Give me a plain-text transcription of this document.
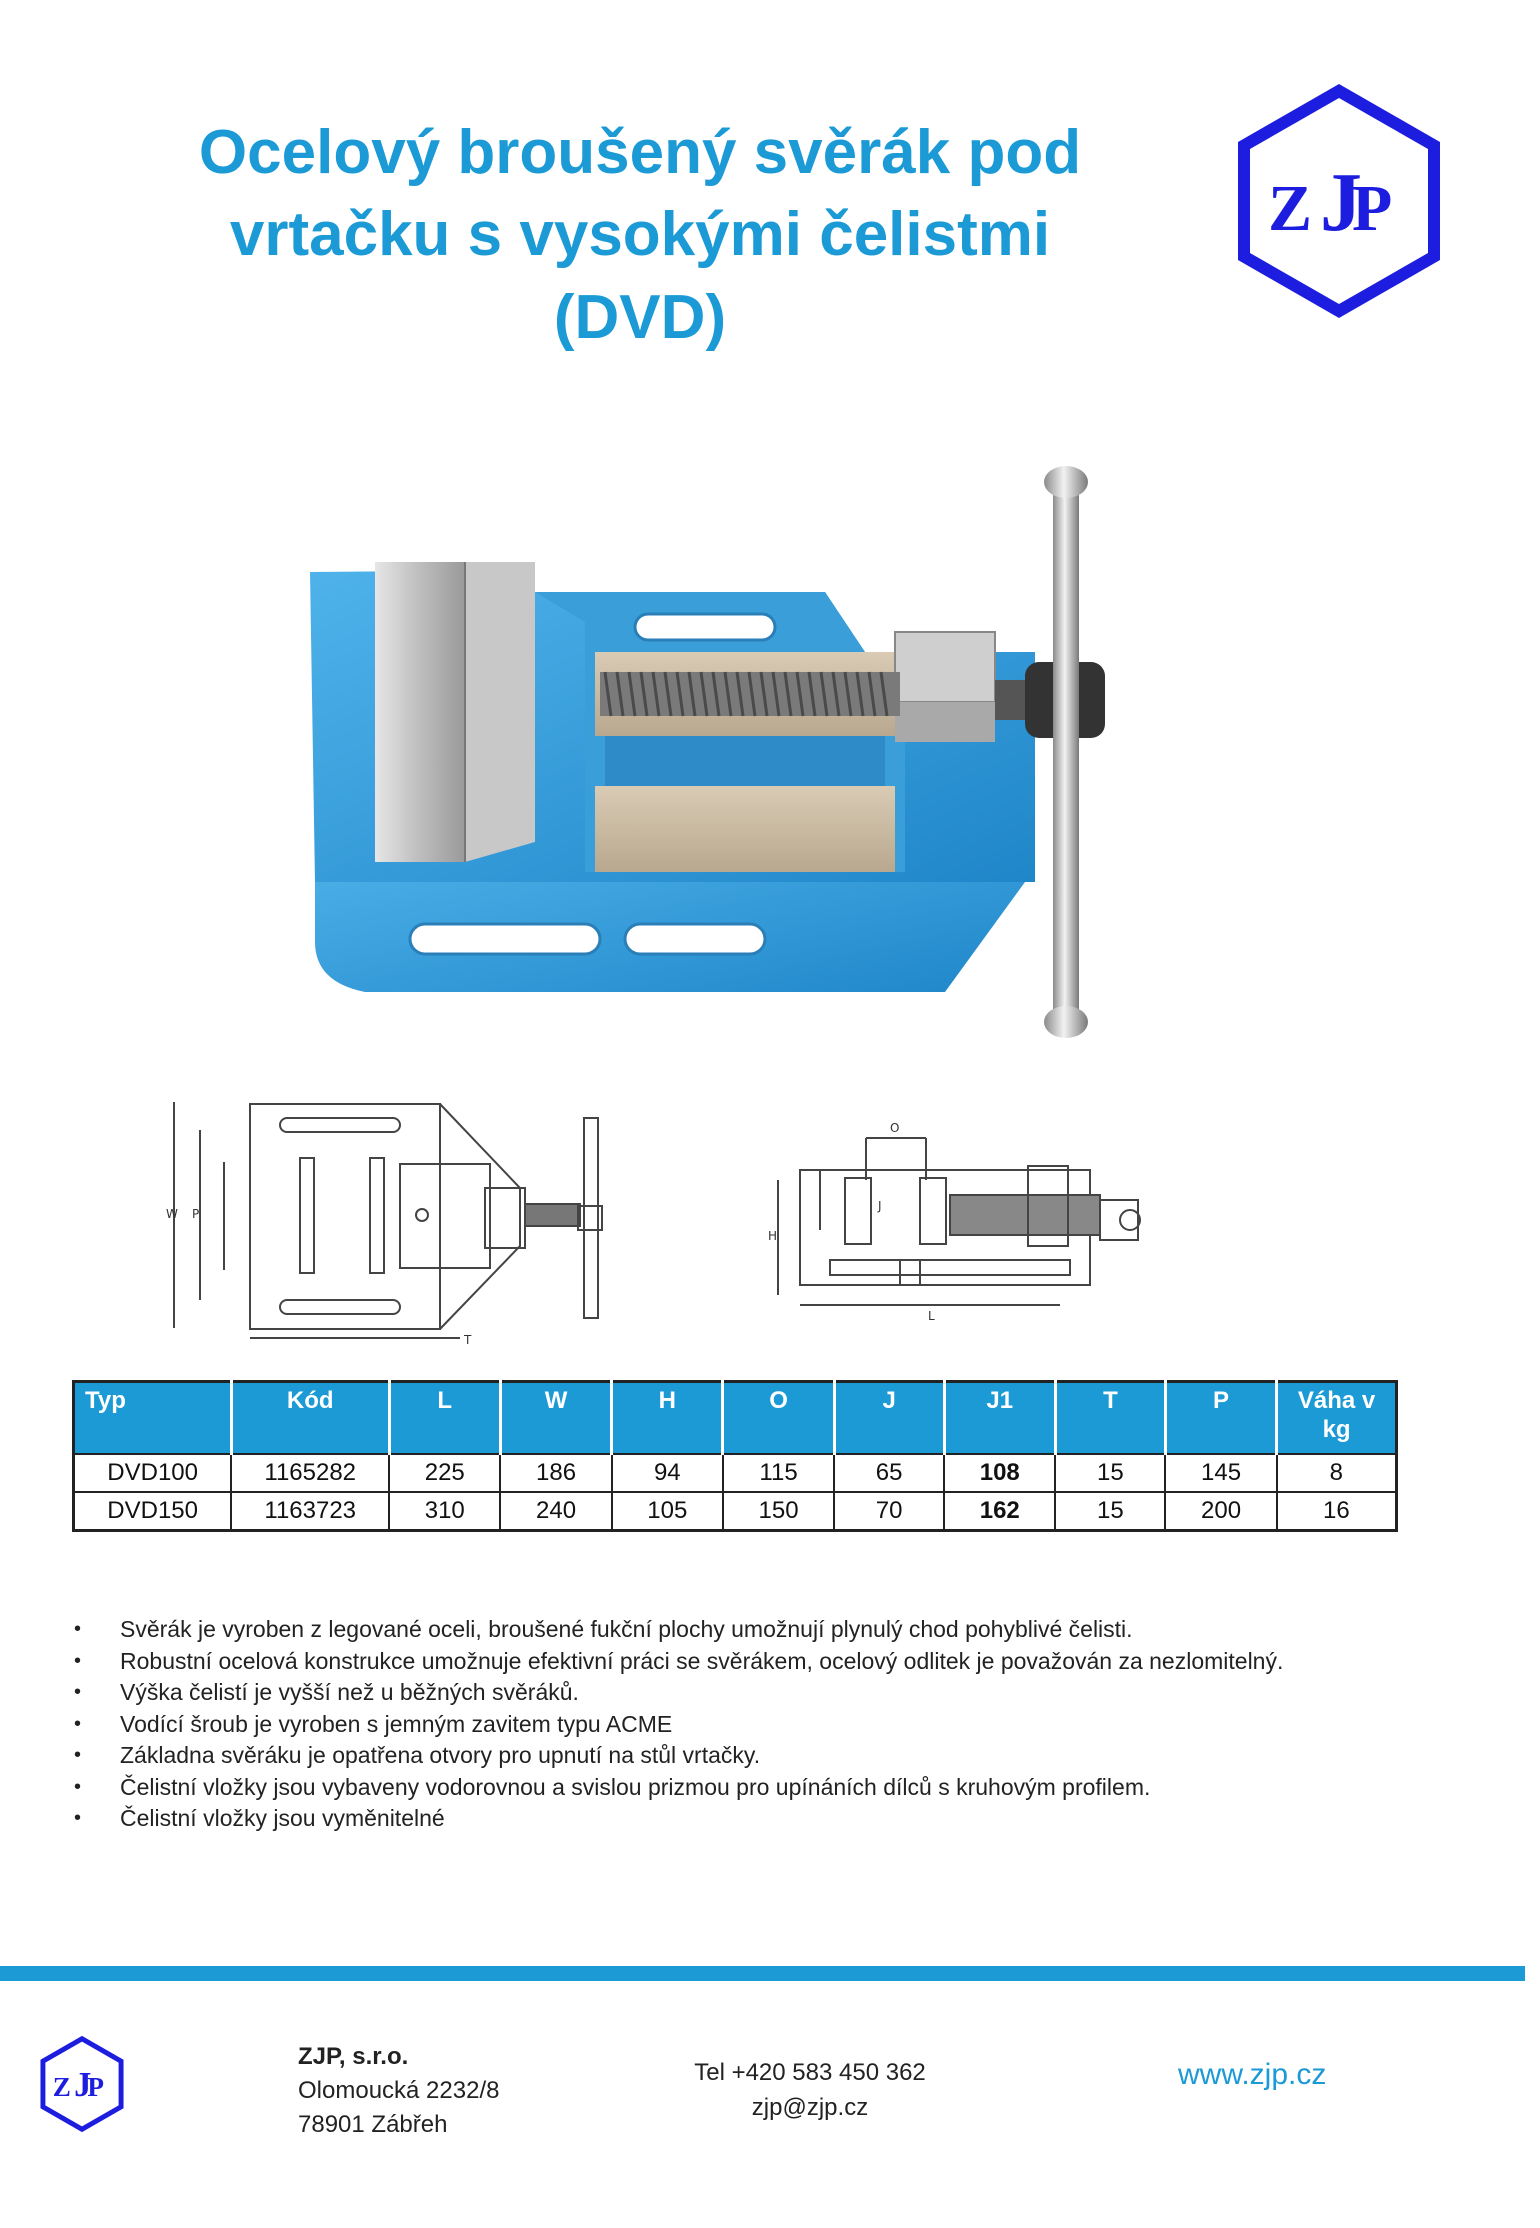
Ocelový broušený svěrák pod
vrtačku s vysokými čelistmi
(DVD)
Z J
P
W P
T
O
J
H
L
Typ	Kód	L	W	H	O	J	J1	T	P	Váha v kg
DVD100	1165282	225	186	94	115	65	108	15	145	8
DVD150	1163723	310	240	105	150	70	162	15	200	16
• Svěrák je vyroben z legované oceli, broušené fukční plochy umožnují plynulý chod pohyblivé čelisti.
• Robustní ocelová konstrukce umožnuje efektivní práci se svěrákem, ocelový odlitek je považován za nezlomitelný.
• Výška čelistí je vyšší než u běžných svěráků.
• Vodící šroub je vyroben s jemným zavitem typu ACME
• Základna svěráku je opatřena otvory pro upnutí na stůl vrtačky.
• Čelistní vložky jsou vybaveny vodorovnou a svislou prizmou pro upínáních dílců s kruhovým profilem.
• Čelistní vložky jsou vyměnitelné
Z J
P
ZJP, s.r.o.
Olomoucká 2232/8
78901 Zábřeh
Tel +420 583 450 362
zjp@zjp.cz
www.zjp.cz
